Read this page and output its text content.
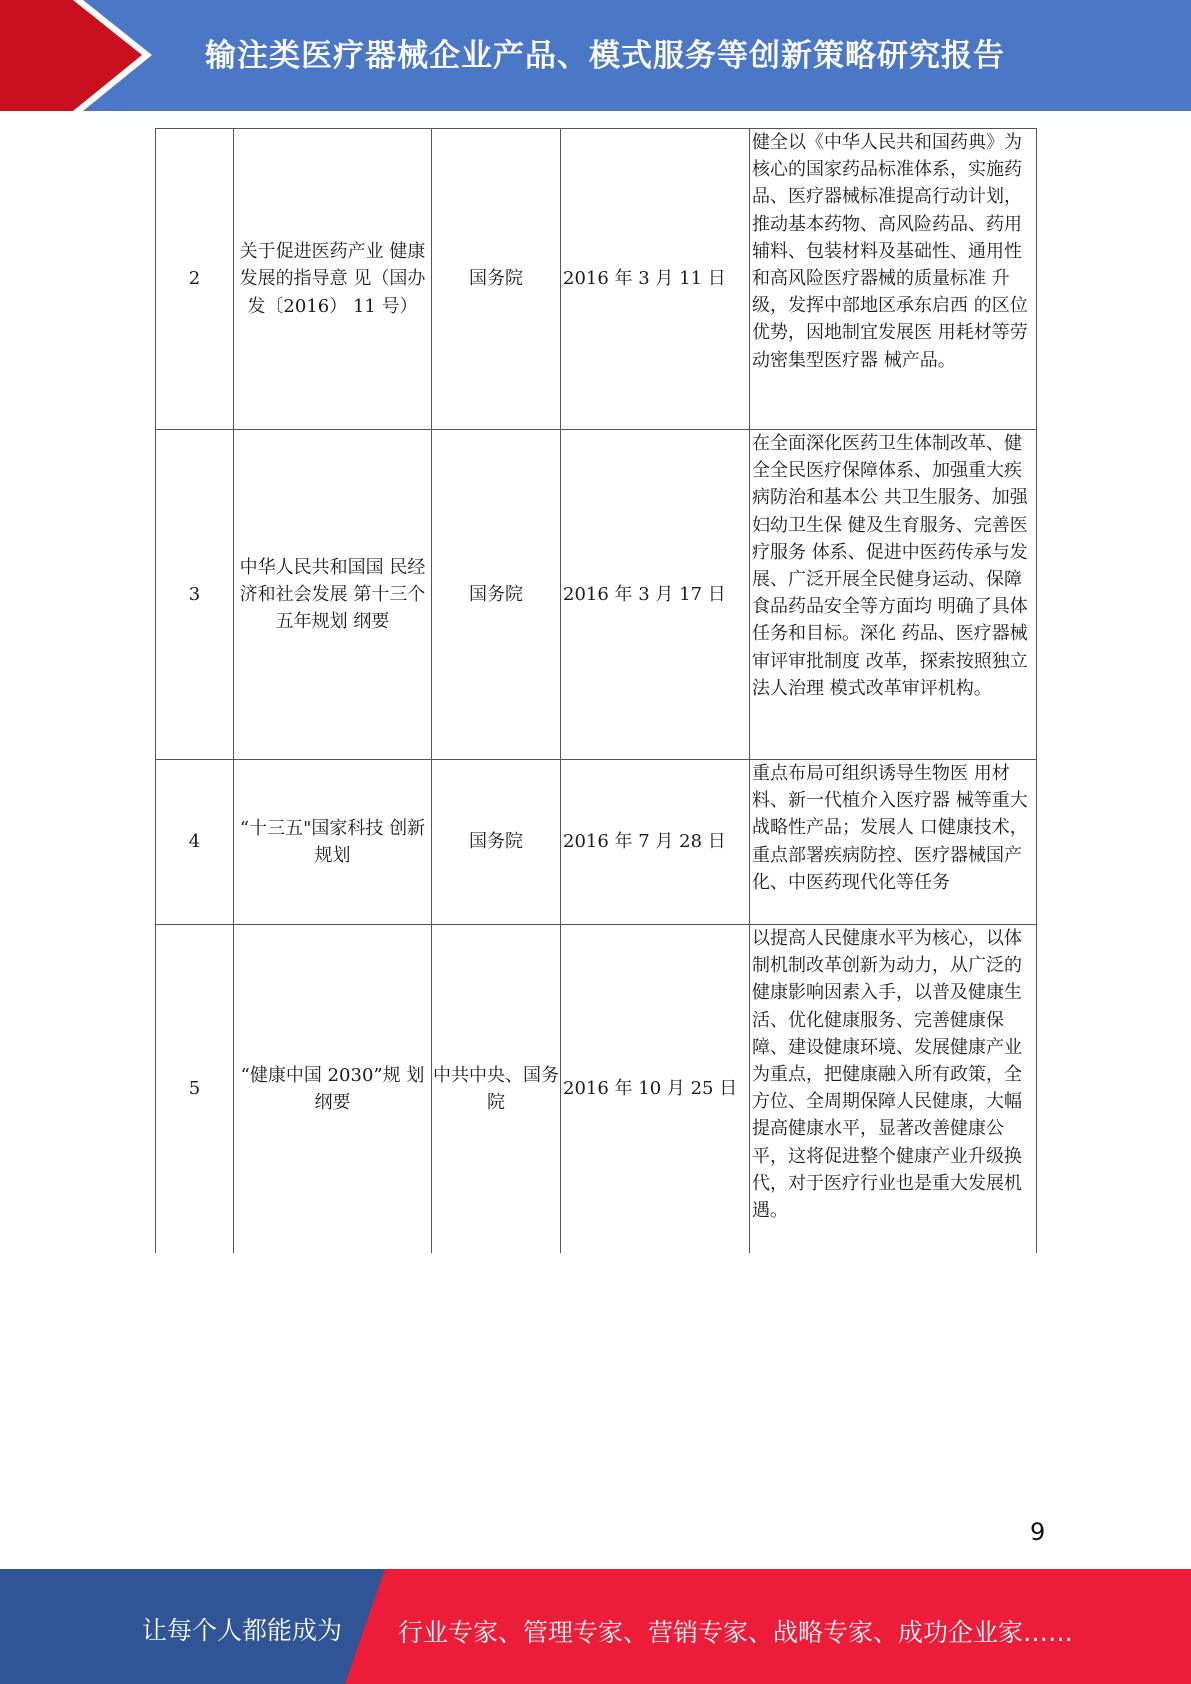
输注类医疗器械企业产品、模式服务等创新策略研究报告
2	关于促进医药产业 健康发展的指导意 见（国办发〔2016） 11 号）	国务院	2016 年 3 月 11 日	健全以《中华人民共和国药典》为核心的国家药品标准体系，实施药品、医疗器械标准提高行动计划，推动基本药物、高风险药品、药用辅料、包装材料及基础性、通用性和高风险医疗器械的质量标准 升级，发挥中部地区承东启西 的区位优势，因地制宜发展医 用耗材等劳动密集型医疗器 械产品。
3	中华人民共和国国 民经济和社会发展 第十三个五年规划 纲要	国务院	2016 年 3 月 17 日	在全面深化医药卫生体制改革、健全全民医疗保障体系、加强重大疾病防治和基本公 共卫生服务、加强妇幼卫生保 健及生育服务、完善医疗服务 体系、促进中医药传承与发 展、广泛开展全民健身运动、保障食品药品安全等方面均 明确了具体任务和目标。深化 药品、医疗器械审评审批制度 改革，探索按照独立法人治理 模式改革审评机构。
4	“十三五"国家科技 创新规划	国务院	2016 年 7 月 28 日	重点布局可组织诱导生物医 用材料、新一代植介入医疗器 械等重大战略性产品；发展人 口健康技术，重点部署疾病防控、医疗器械国产化、中医药现代化等任务
5	“健康中国 2030”规 划纲要	中共中央、国务院	2016 年 10 月 25 日	以提高人民健康水平为核心，以体制机制改革创新为动力，从广泛的健康影响因素入手，以普及健康生活、优化健康服务、完善健康保障、建设健康环境、发展健康产业为重点，把健康融入所有政策，全方位、全周期保障人民健康，大幅提高健康水平，显著改善健康公平，这将促进整个健康产业升级换代，对于医疗行业也是重大发展机遇。
9
让每个人都能成为 行业专家、管理专家、营销专家、战略专家、成功企业家……
